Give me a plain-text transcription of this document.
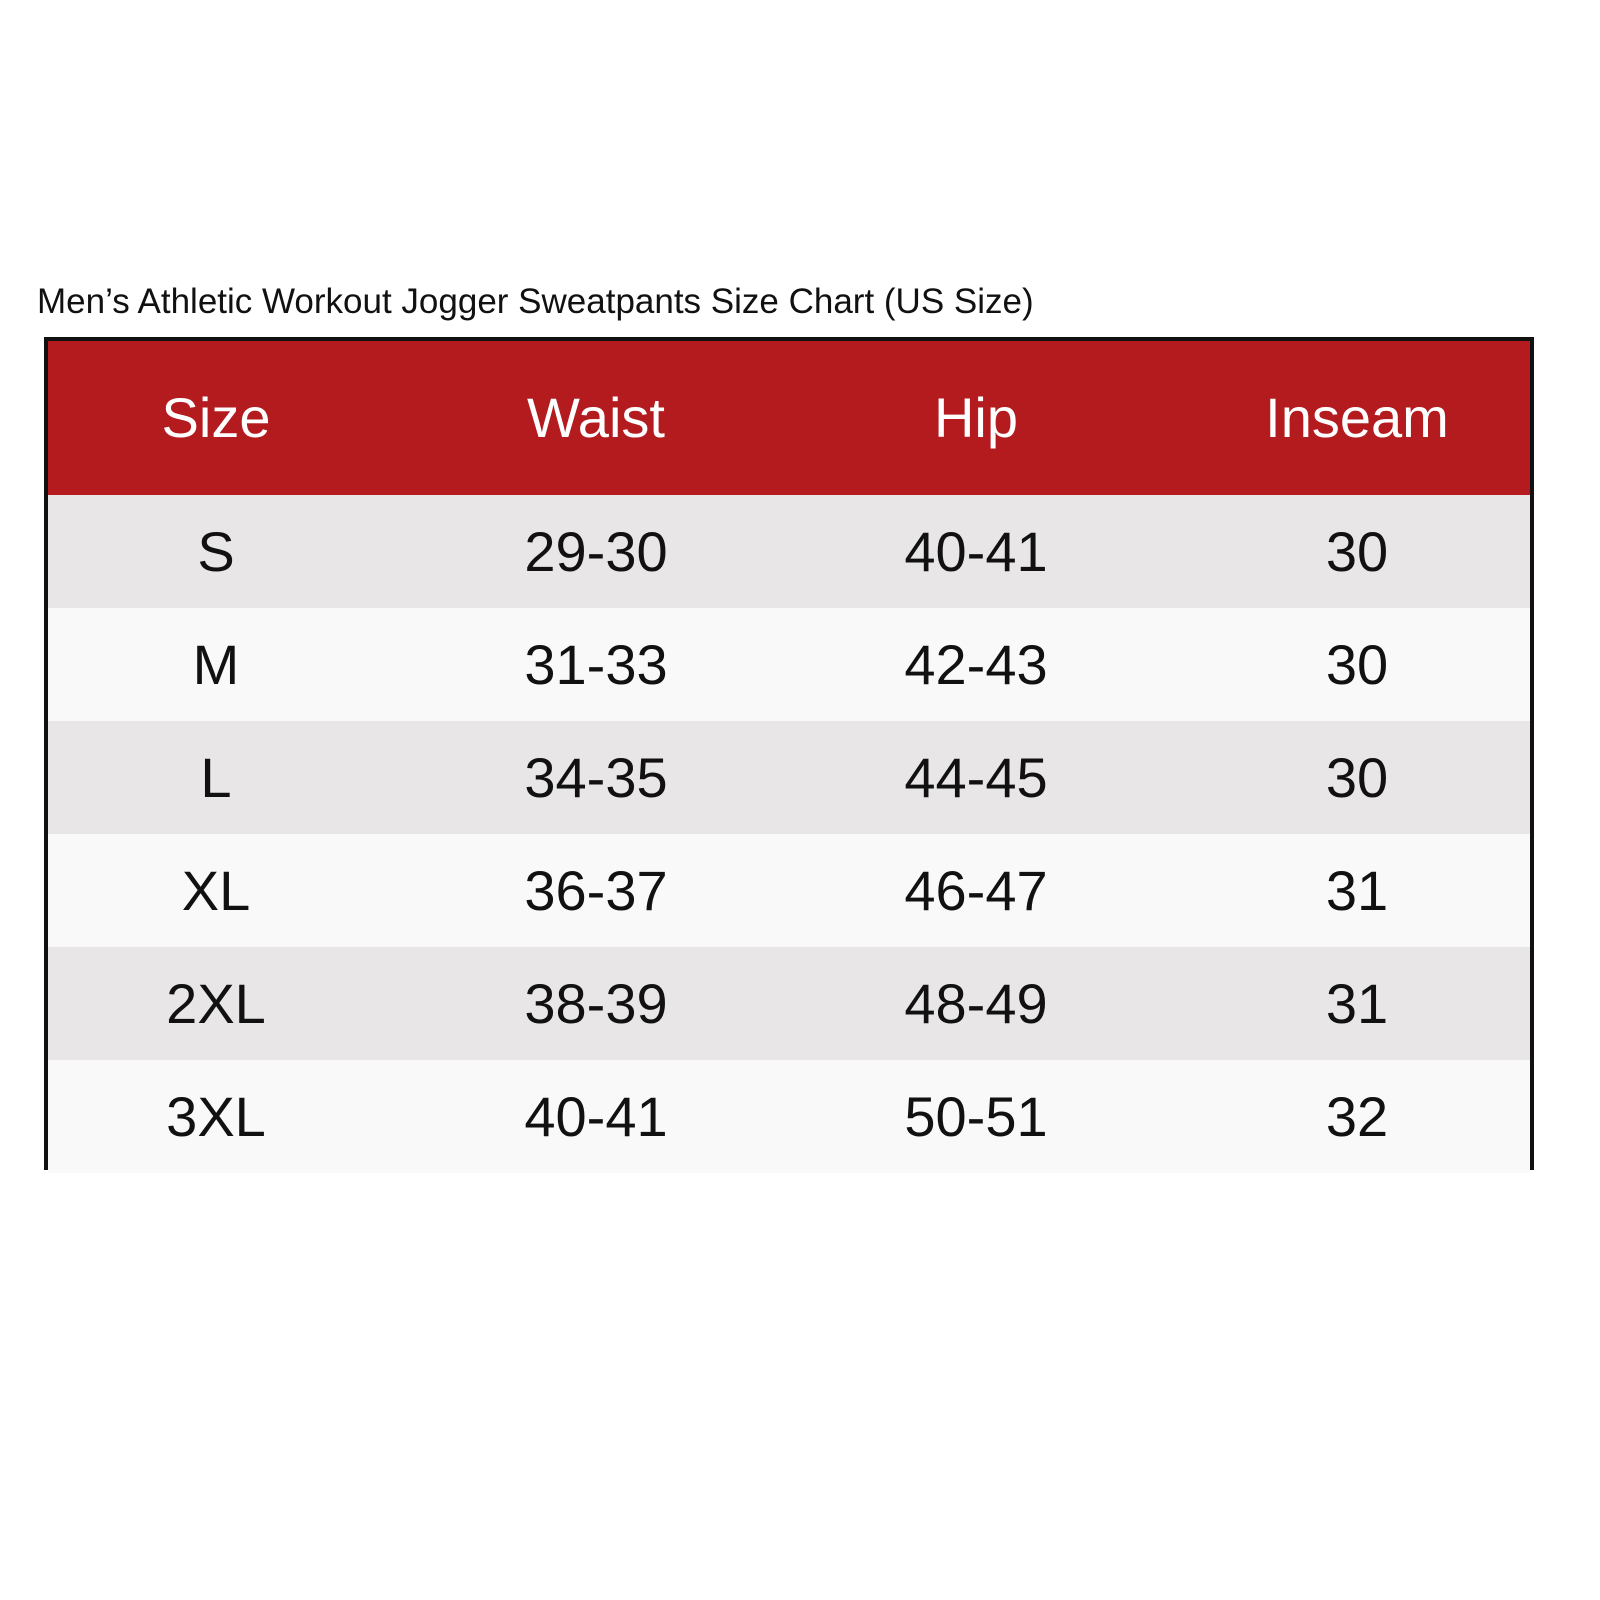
Men’s Athletic Workout Jogger Sweatpants Size Chart (US Size)
Size	Waist	Hip	Inseam
S	29-30	40-41	30
M	31-33	42-43	30
L	34-35	44-45	30
XL	36-37	46-47	31
2XL	38-39	48-49	31
3XL	40-41	50-51	32
